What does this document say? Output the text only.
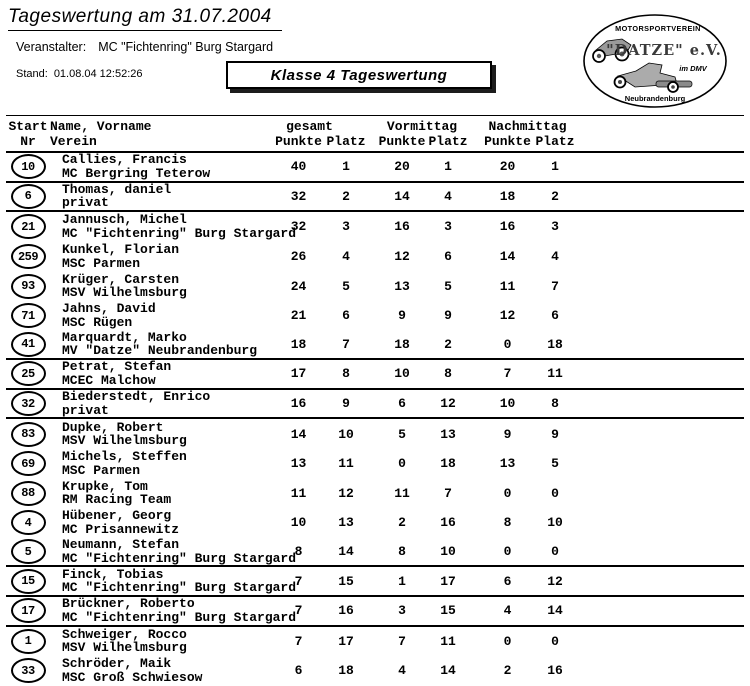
Tageswertung am 31.07.2004
Veranstalter: MC "Fichtenring" Burg Stargard
Stand: 01.08.04 12:52:26	Klasse 4 Tageswertung
MOTORSPORTVEREIN
"DATZE" e.V.
im DMV
Neubrandenburg
Start Name, Vorname	gesamt	Vormittag	Nachmittag
Nr	Verein	Punkte Platz Punkte Platz	Punkte Platz
10 Callies, Francis
MC Bergring Teterow	40	1	20	1	20	1
6 Thomas, daniel
privat	32	2	14	4	18	2
21 Jannusch, Michel
MC "Fichtenring" Burg Stargard
32	3	16	3	16	3
259 Kunkel, Florian
MSC Parmen	26	4	12	6	14	4
93 Krüger, Carsten
MSV Wilhelmsburg	24	5	13	5	11	7
71 Jahns, David
MSC Rügen	21	6	9	9	12	6
41 Marquardt, Marko
MV "Datze" Neubrandenburg	18	7	18	2	0	18
25 Petrat, Stefan
MCEC Malchow	17	8	10	8	7	11
32 Biederstedt, Enrico
privat	16	9	6	12	10	8
83 Dupke, Robert
MSV Wilhelmsburg	14	10	5	13	9	9
69 Michels, Steffen
MSC Parmen	13	11	0	18	13	5
88 Krupke, Tom
RM Racing Team	11	12	11	7	0	0
4 Hübener, Georg
MC Prisannewitz	10	13	2	16	8	10
5 Neumann, Stefan
MC "Fichtenring" Burg Stargard
8	14	8	10	0	0
15 Finck, Tobias
MC "Fichtenring" Burg Stargard
7	15	1	17	6	12
17 Brückner, Roberto
MC "Fichtenring" Burg Stargard
7	16	3	15	4	14
1 Schweiger, Rocco
MSV Wilhelmsburg	7	17	7	11	0	0
33 Schröder, Maik
MSC Groß Schwiesow	6	18	4	14	2	16
